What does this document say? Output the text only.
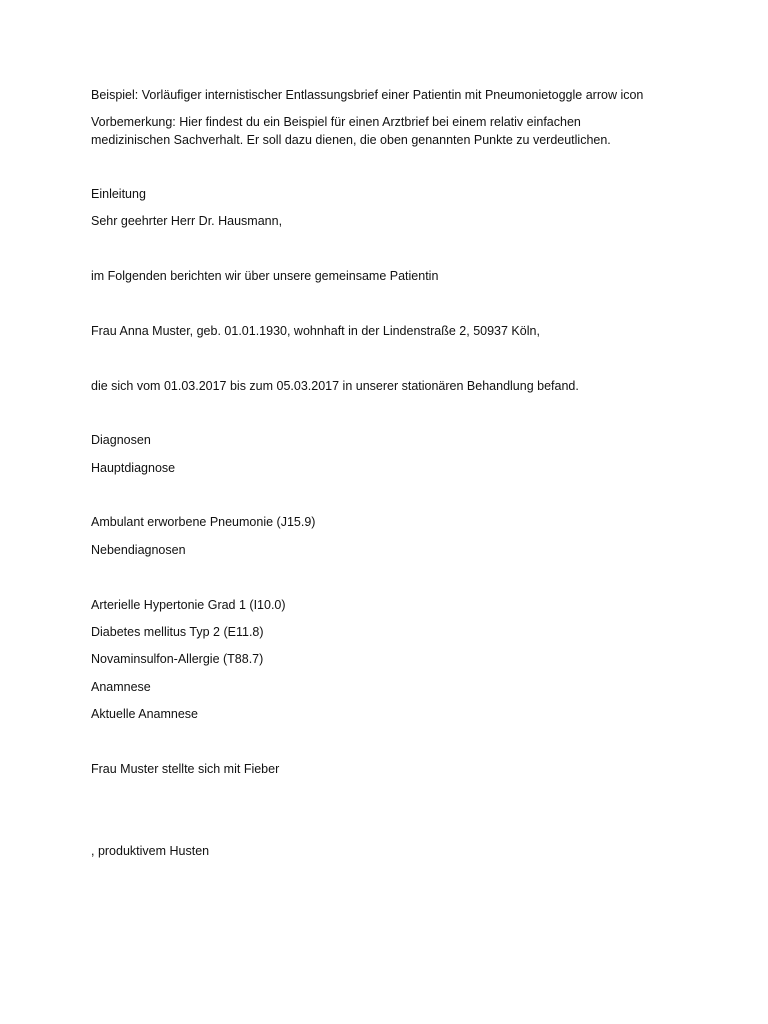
Beispiel: Vorläufiger internistischer Entlassungsbrief einer Patientin mit Pneumonietoggle arrow icon

Vorbemerkung: Hier findest du ein Beispiel für einen Arztbrief bei einem relativ einfachen medizinischen Sachverhalt. Er soll dazu dienen, die oben genannten Punkte zu verdeutlichen.

Einleitung

Sehr geehrter Herr Dr. Hausmann,

im Folgenden berichten wir über unsere gemeinsame Patientin

Frau Anna Muster, geb. 01.01.1930, wohnhaft in der Lindenstraße 2, 50937 Köln,

die sich vom 01.03.2017 bis zum 05.03.2017 in unserer stationären Behandlung befand.

Diagnosen

Hauptdiagnose

Ambulant erworbene Pneumonie (J15.9)

Nebendiagnosen

Arterielle Hypertonie Grad 1 (I10.0)

Diabetes mellitus Typ 2 (E11.8)

Novaminsulfon-Allergie (T88.7)

Anamnese

Aktuelle Anamnese

Frau Muster stellte sich mit Fieber

, produktivem Husten
